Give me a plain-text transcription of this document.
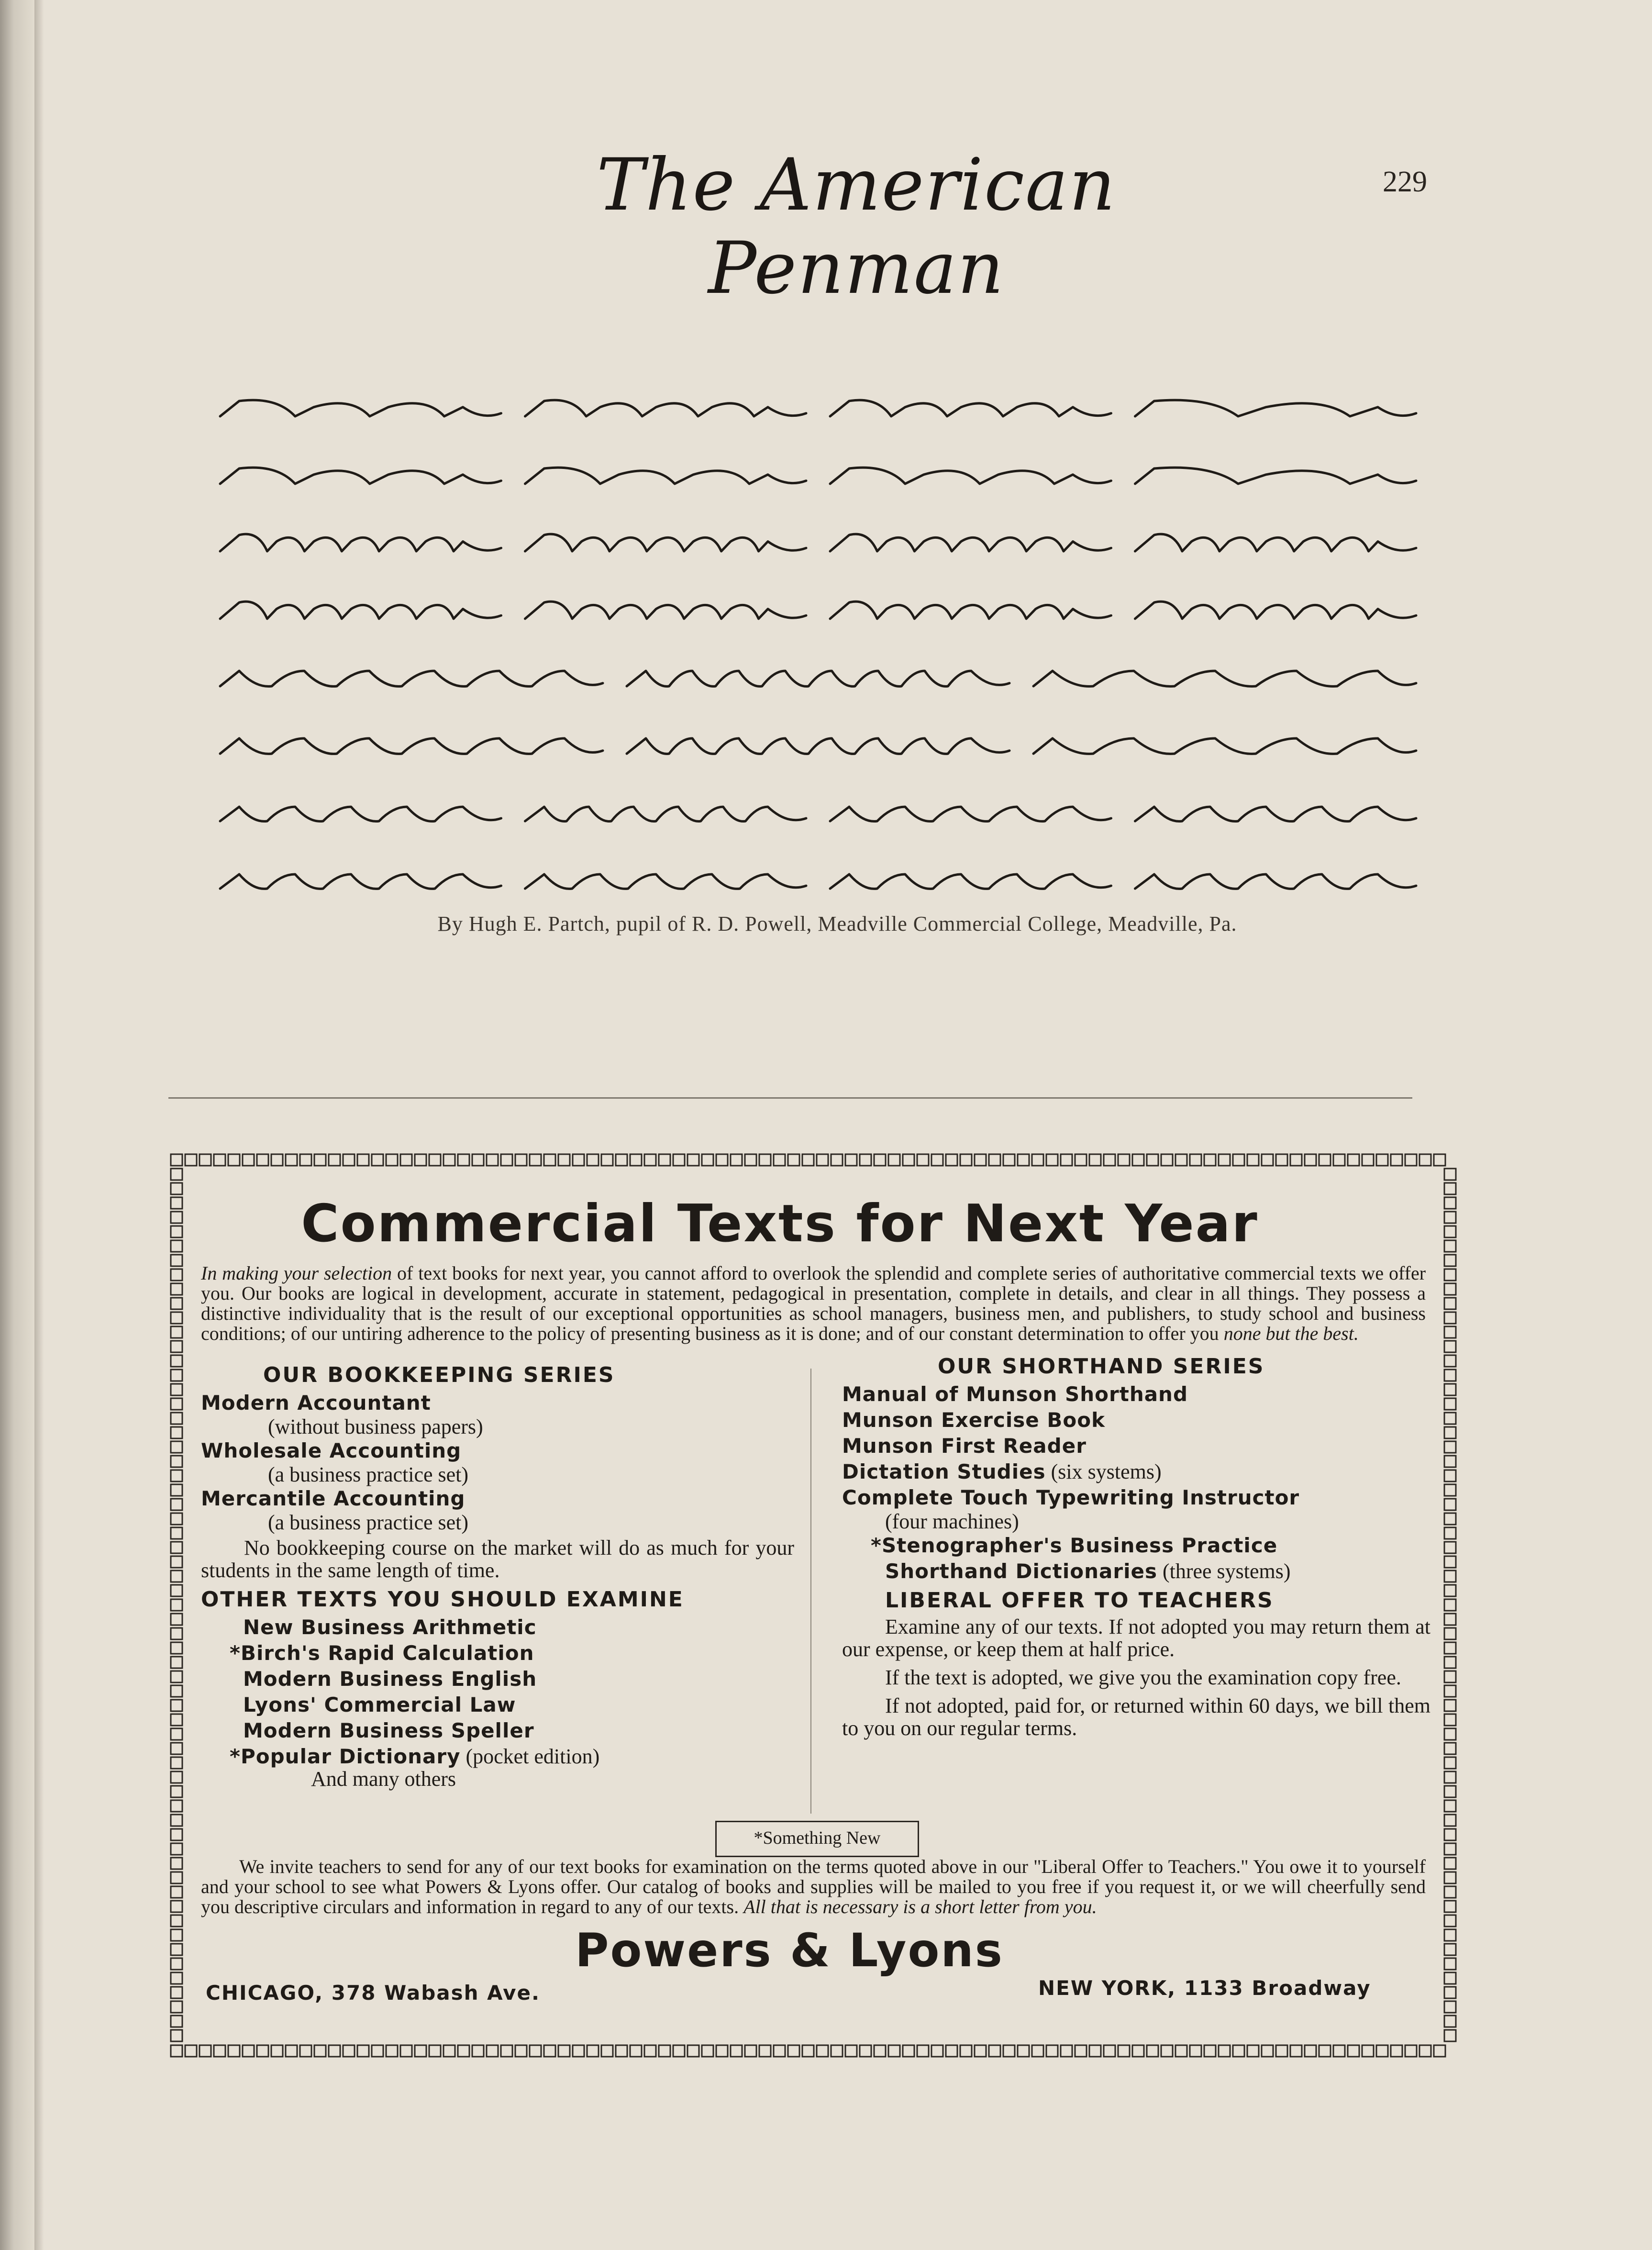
The American Penman
229
By Hugh E. Partch, pupil of R. D. Powell, Meadville Commercial College, Meadville, Pa.
Commercial Texts for Next Year
In making your selection of text books for next year, you cannot afford to overlook the splendid and complete series of authoritative commercial texts we offer you. Our books are logical in development, accurate in statement, pedagogical in presentation, complete in details, and clear in all things. They possess a distinctive individuality that is the result of our exceptional opportunities as school managers, business men, and publishers, to study school and business conditions; of our untiring adherence to the policy of presenting business as it is done; and of our constant determination to offer you none but the best.
OUR BOOKKEEPING SERIES
Modern Accountant
(without business papers)
Wholesale Accounting
(a business practice set)
Mercantile Accounting
(a business practice set)
No bookkeeping course on the market will do as much for your students in the same length of time.
OTHER TEXTS YOU SHOULD EXAMINE
New Business Arithmetic
*Birch's Rapid Calculation
Modern Business English
Lyons' Commercial Law
Modern Business Speller
*Popular Dictionary (pocket edition)
And many others
OUR SHORTHAND SERIES
Manual of Munson Shorthand
Munson Exercise Book
Munson First Reader
Dictation Studies (six systems)
Complete Touch Typewriting Instructor
(four machines)
*Stenographer's Business Practice
Shorthand Dictionaries (three systems)
LIBERAL OFFER TO TEACHERS
Examine any of our texts. If not adopted you may return them at our expense, or keep them at half price.
If the text is adopted, we give you the examination copy free.
If not adopted, paid for, or returned within 60 days, we bill them to you on our regular terms.
*Something New
We invite teachers to send for any of our text books for examination on the terms quoted above in our "Liberal Offer to Teachers." You owe it to yourself and your school to see what Powers & Lyons offer. Our catalog of books and supplies will be mailed to you free if you request it, or we will cheerfully send you descriptive circulars and information in regard to any of our texts. All that is necessary is a short letter from you.
Powers & Lyons
CHICAGO, 378 Wabash Ave.	NEW YORK, 1133 Broadway
